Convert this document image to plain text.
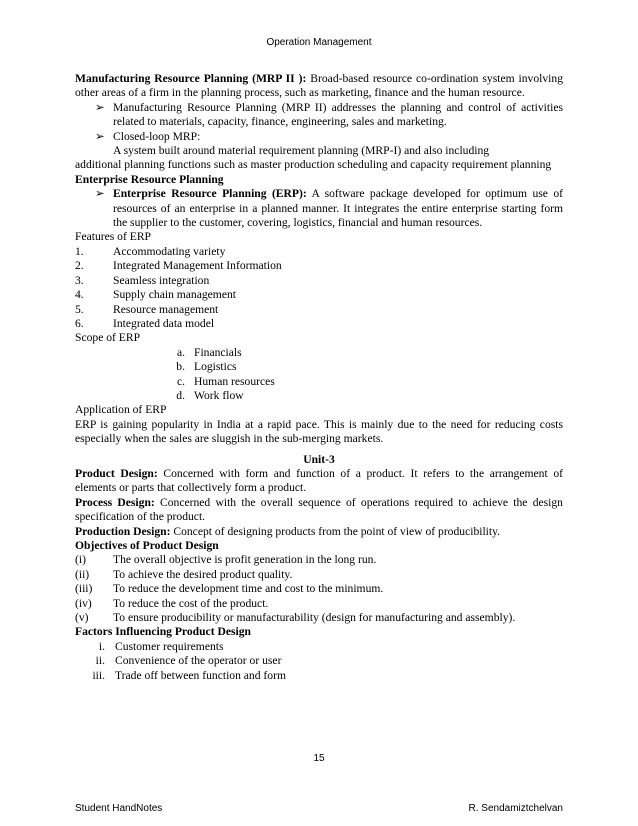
Operation Management

Manufacturing Resource Planning (MRP II ): Broad-based resource co-ordination system involving other areas of a firm in the planning process, such as marketing, finance and the human resource.

➢ Manufacturing Resource Planning (MRP II) addresses the planning and control of activities related to materials, capacity, finance, engineering, sales and marketing.
➢ Closed-loop MRP:
A system built around material requirement planning (MRP-I) and also including

additional planning functions such as master production scheduling and capacity requirement planning

Enterprise Resource Planning

➢ Enterprise Resource Planning (ERP): A software package developed for optimum use of resources of an enterprise in a planned manner. It integrates the entire enterprise starting form the supplier to the customer, covering, logistics, financial and human resources.

Features of ERP

1.	Accommodating variety
2.	Integrated Management Information
3.	Seamless integration
4.	Supply chain management
5.	Resource management
6.	Integrated data model

Scope of ERP

a. Financials
b. Logistics
c. Human resources
d. Work flow

Application of ERP

ERP is gaining popularity in India at a rapid pace. This is mainly due to the need for reducing costs especially when the sales are sluggish in the sub-merging markets.

Unit-3

Product Design: Concerned with form and function of a product. It refers to the arrangement of elements or parts that collectively form a product.

Process Design: Concerned with the overall sequence of operations required to achieve the design specification of the product.

Production Design: Concept of designing products from the point of view of producibility.

Objectives of Product Design

(i)	The overall objective is profit generation in the long run.
(ii)	To achieve the desired product quality.
(iii)	To reduce the development time and cost to the minimum.
(iv)	To reduce the cost of the product.
(v)	To ensure producibility or manufacturability (design for manufacturing and assembly).

Factors Influencing Product Design

i. Customer requirements
ii. Convenience of the operator or user
iii. Trade off between function and form
15
Student HandNotes	R. Sendamiztchelvan
